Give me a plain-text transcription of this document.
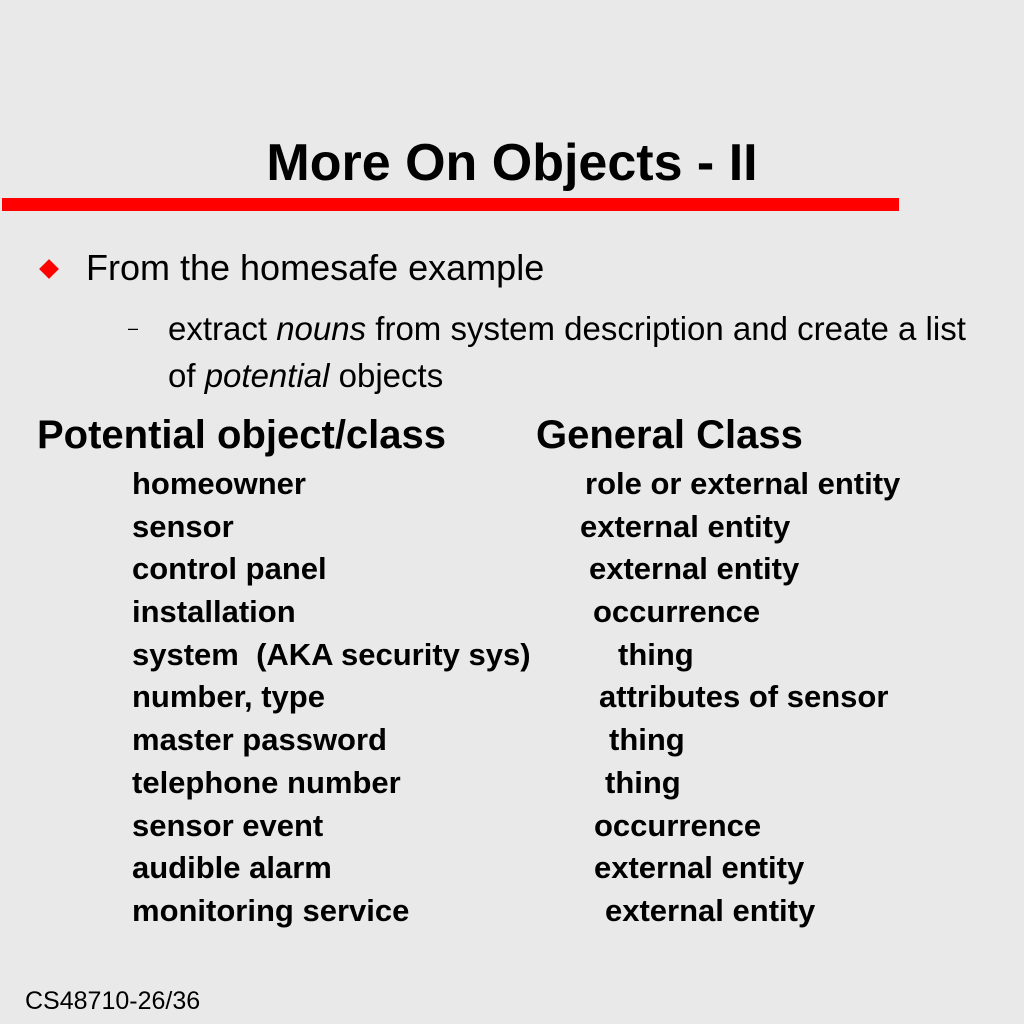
More On Objects - II
From the homesafe example
– extract nouns from system description and create a list of potential objects
Potential object/class General Class
homeowner	role or external entity
sensor	external entity
control panel	external entity
installation	occurrence
system  (AKA security sys)	thing
number, type	attributes of sensor
master password	thing
telephone number	thing
sensor event	occurrence
audible alarm	external entity
monitoring service	external entity
CS48710-26/36
